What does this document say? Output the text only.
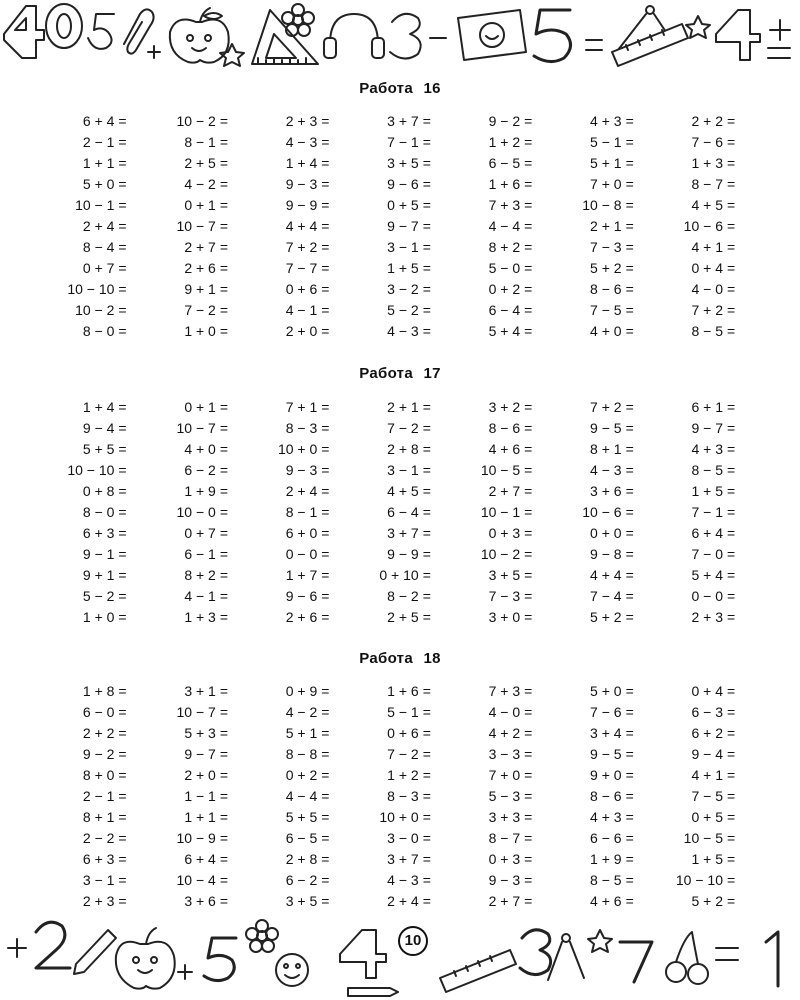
Работа 16
6 + 4 =	10 − 2 =	2 + 3 =	3 + 7 =	9 − 2 =	4 + 3 =	2 + 2 =
2 − 1 =	8 − 1 =	4 − 3 =	7 − 1 =	1 + 2 =	5 − 1 =	7 − 6 =
1 + 1 =	2 + 5 =	1 + 4 =	3 + 5 =	6 − 5 =	5 + 1 =	1 + 3 =
5 + 0 =	4 − 2 =	9 − 3 =	9 − 6 =	1 + 6 =	7 + 0 =	8 − 7 =
10 − 1 =	0 + 1 =	9 − 9 =	0 + 5 =	7 + 3 =	10 − 8 =	4 + 5 =
2 + 4 =	10 − 7 =	4 + 4 =	9 − 7 =	4 − 4 =	2 + 1 =	10 − 6 =
8 − 4 =	2 + 7 =	7 + 2 =	3 − 1 =	8 + 2 =	7 − 3 =	4 + 1 =
0 + 7 =	2 + 6 =	7 − 7 =	1 + 5 =	5 − 0 =	5 + 2 =	0 + 4 =
10 − 10 =	9 + 1 =	0 + 6 =	3 − 2 =	0 + 2 =	8 − 6 =	4 − 0 =
10 − 2 =	7 − 2 =	4 − 1 =	5 − 2 =	6 − 4 =	7 − 5 =	7 + 2 =
8 − 0 =	1 + 0 =	2 + 0 =	4 − 3 =	5 + 4 =	4 + 0 =	8 − 5 =
Работа 17
1 + 4 =	0 + 1 =	7 + 1 =	2 + 1 =	3 + 2 =	7 + 2 =	6 + 1 =
9 − 4 =	10 − 7 =	8 − 3 =	7 − 2 =	8 − 6 =	9 − 5 =	9 − 7 =
5 + 5 =	4 + 0 =	10 + 0 =	2 + 8 =	4 + 6 =	8 + 1 =	4 + 3 =
10 − 10 =	6 − 2 =	9 − 3 =	3 − 1 =	10 − 5 =	4 − 3 =	8 − 5 =
0 + 8 =	1 + 9 =	2 + 4 =	4 + 5 =	2 + 7 =	3 + 6 =	1 + 5 =
8 − 0 =	10 − 0 =	8 − 1 =	6 − 4 =	10 − 1 =	10 − 6 =	7 − 1 =
6 + 3 =	0 + 7 =	6 + 0 =	3 + 7 =	0 + 3 =	0 + 0 =	6 + 4 =
9 − 1 =	6 − 1 =	0 − 0 =	9 − 9 =	10 − 2 =	9 − 8 =	7 − 0 =
9 + 1 =	8 + 2 =	1 + 7 =	0 + 10 =	3 + 5 =	4 + 4 =	5 + 4 =
5 − 2 =	4 − 1 =	9 − 6 =	8 − 2 =	7 − 3 =	7 − 4 =	0 − 0 =
1 + 0 =	1 + 3 =	2 + 6 =	2 + 5 =	3 + 0 =	5 + 2 =	2 + 3 =
Работа 18
1 + 8 =	3 + 1 =	0 + 9 =	1 + 6 =	7 + 3 =	5 + 0 =	0 + 4 =
6 − 0 =	10 − 7 =	4 − 2 =	5 − 1 =	4 − 0 =	7 − 6 =	6 − 3 =
2 + 2 =	5 + 3 =	5 + 1 =	0 + 6 =	4 + 2 =	3 + 4 =	6 + 2 =
9 − 2 =	9 − 7 =	8 − 8 =	7 − 2 =	3 − 3 =	9 − 5 =	9 − 4 =
8 + 0 =	2 + 0 =	0 + 2 =	1 + 2 =	7 + 0 =	9 + 0 =	4 + 1 =
2 − 1 =	1 − 1 =	4 − 4 =	8 − 3 =	5 − 3 =	8 − 6 =	7 − 5 =
8 + 1 =	1 + 1 =	5 + 5 =	10 + 0 =	3 + 3 =	4 + 3 =	0 + 5 =
2 − 2 =	10 − 9 =	6 − 5 =	3 − 0 =	8 − 7 =	6 − 6 =	10 − 5 =
6 + 3 =	6 + 4 =	2 + 8 =	3 + 7 =	0 + 3 =	1 + 9 =	1 + 5 =
3 − 1 =	10 − 4 =	6 − 2 =	4 − 3 =	9 − 3 =	8 − 5 =	10 − 10 =
2 + 3 =	3 + 6 =	3 + 5 =	2 + 4 =	2 + 7 =	4 + 6 =	5 + 2 =
10
